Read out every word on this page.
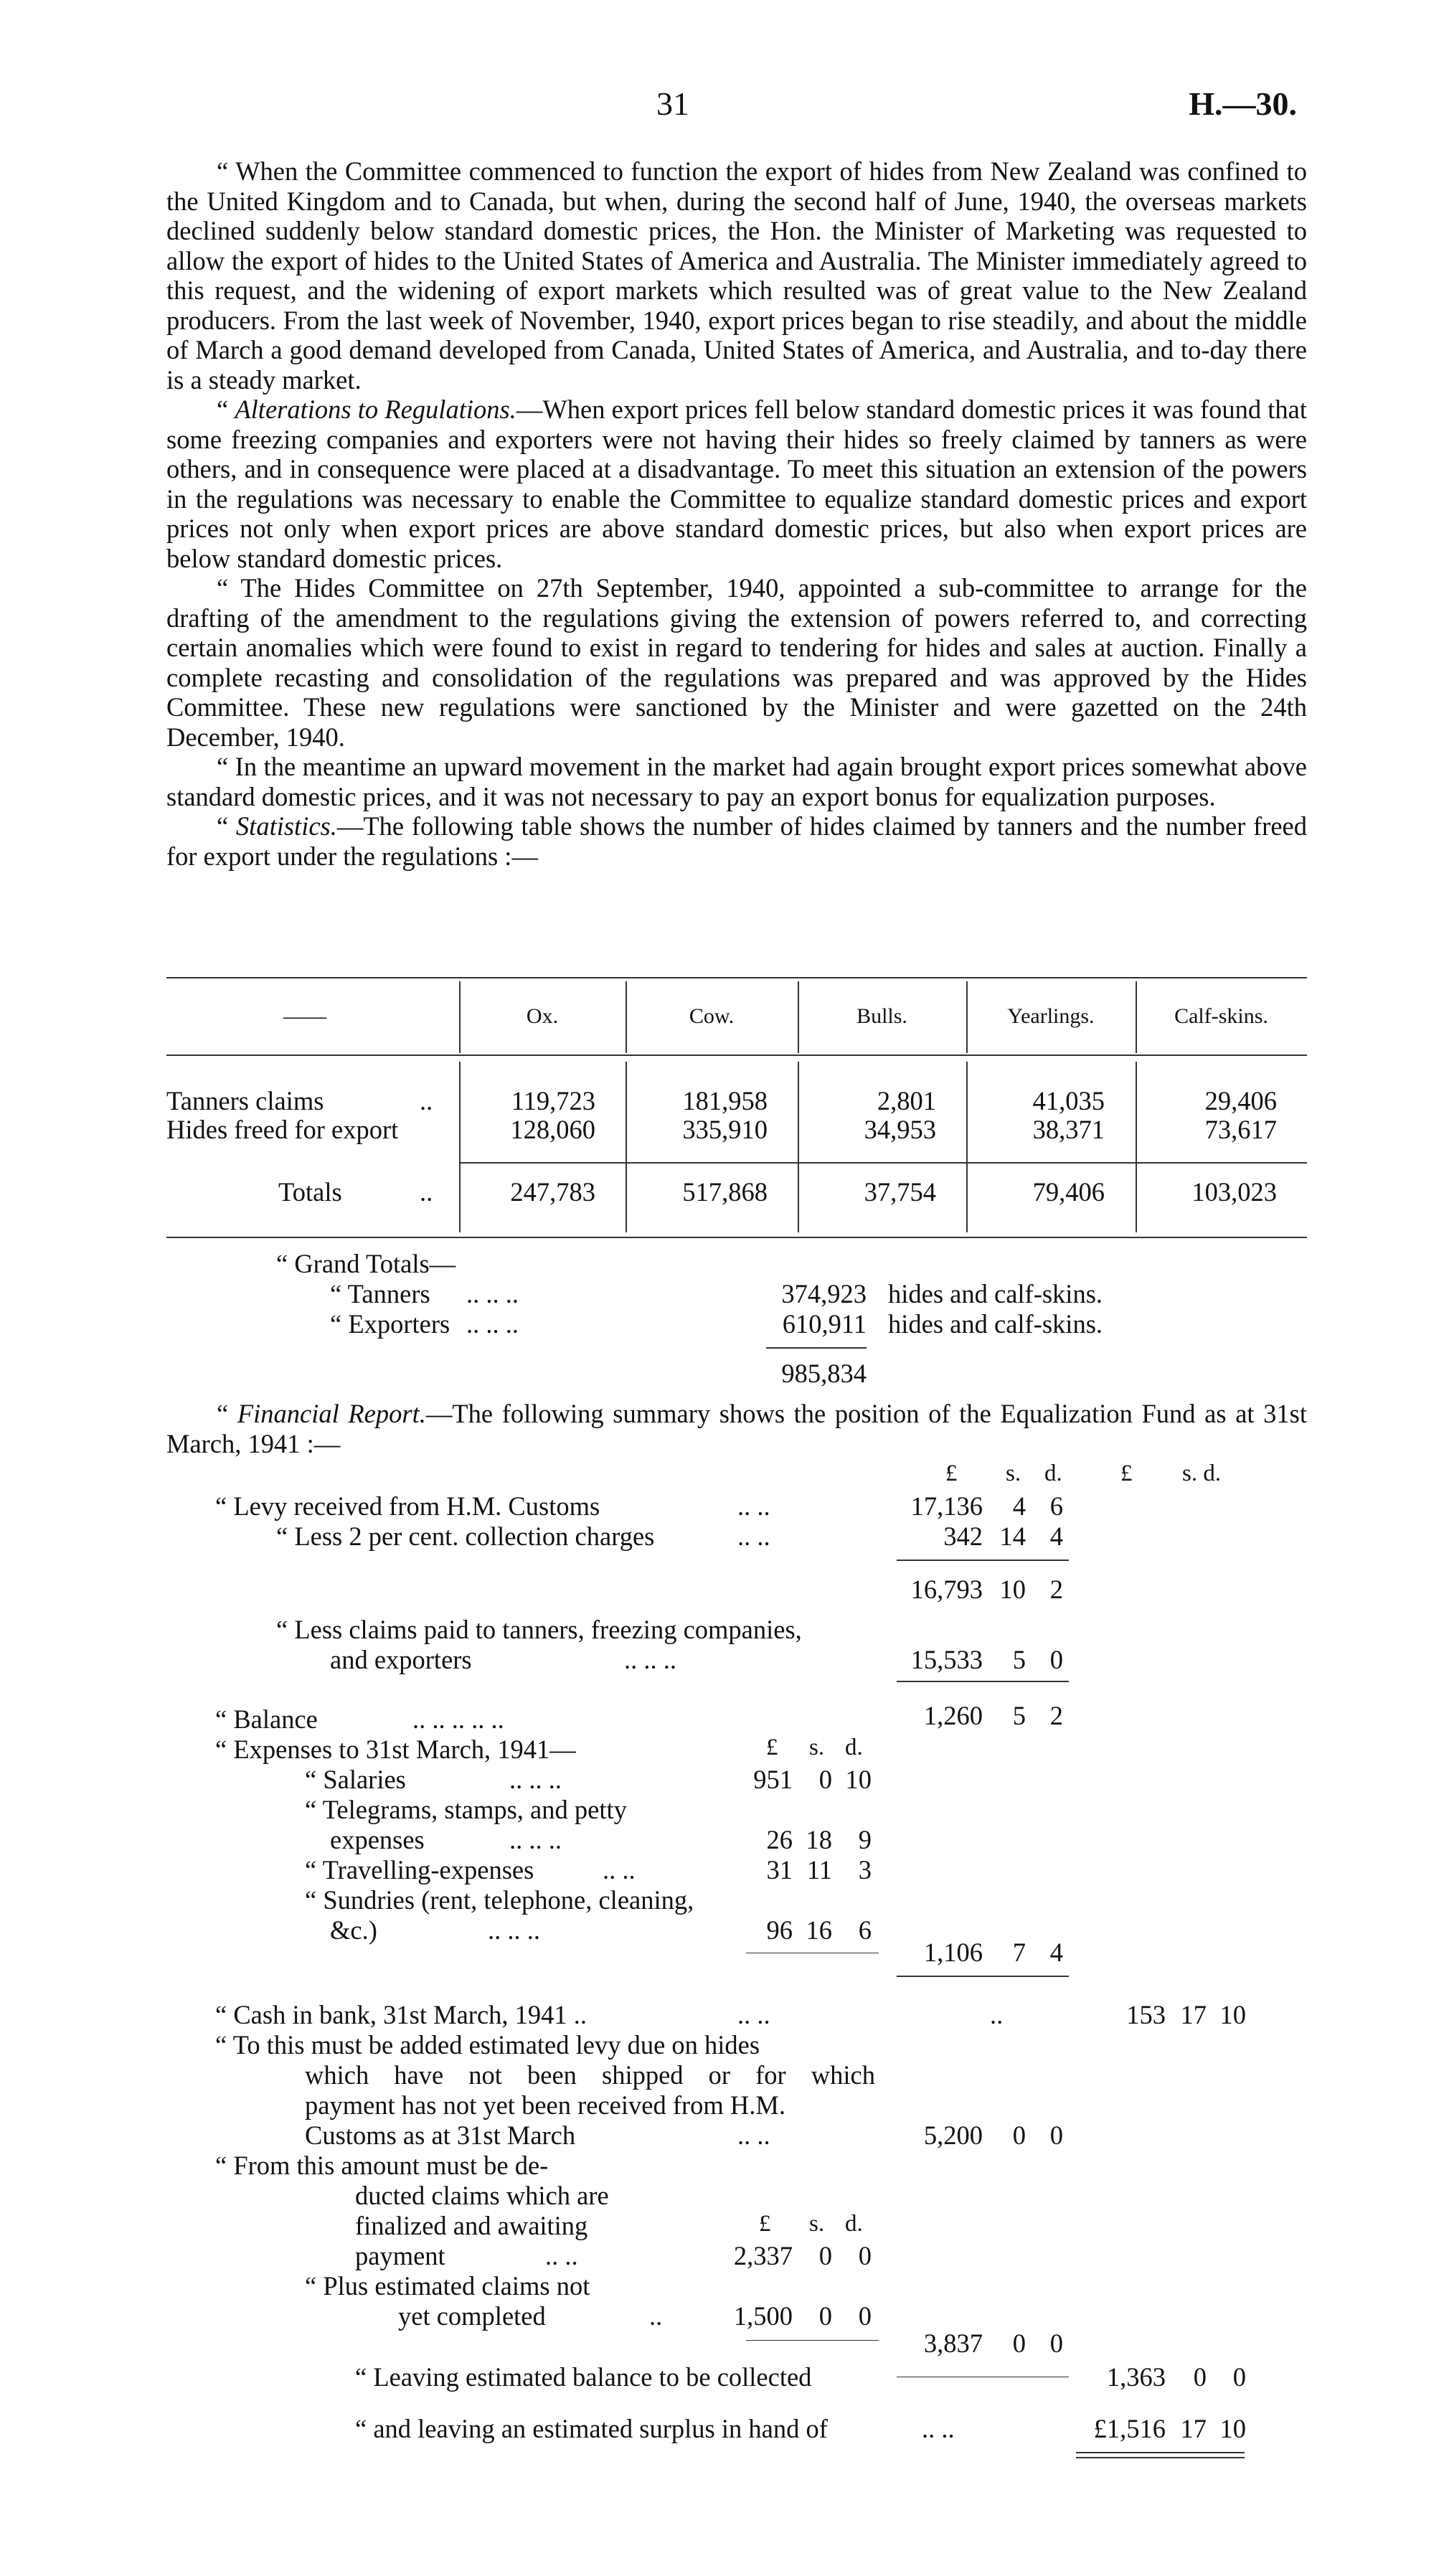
31	H.—30.

“ When the Committee commenced to function the export of hides from New Zealand was confined to the United Kingdom and to Canada, but when, during the second half of June, 1940, the overseas markets declined suddenly below standard domestic prices, the Hon. the Minister of Marketing was requested to allow the export of hides to the United States of America and Australia. The Minister immediately agreed to this request, and the widening of export markets which resulted was of great value to the New Zealand producers. From the last week of November, 1940, export prices began to rise steadily, and about the middle of March a good demand developed from Canada, United States of America, and Australia, and to-day there is a steady market.

“ Alterations to Regulations.—When export prices fell below standard domestic prices it was found that some freezing companies and exporters were not having their hides so freely claimed by tanners as were others, and in consequence were placed at a disadvantage. To meet this situation an extension of the powers in the regulations was necessary to enable the Committee to equalize standard domestic prices and export prices not only when export prices are above standard domestic prices, but also when export prices are below standard domestic prices.

“ The Hides Committee on 27th September, 1940, appointed a sub-committee to arrange for the drafting of the amendment to the regulations giving the extension of powers referred to, and correcting certain anomalies which were found to exist in regard to tendering for hides and sales at auction. Finally a complete recasting and consolidation of the regulations was prepared and was approved by the Hides Committee. These new regulations were sanctioned by the Minister and were gazetted on the 24th December, 1940.

“ In the meantime an upward movement in the market had again brought export prices somewhat above standard domestic prices, and it was not necessary to pay an export bonus for equalization purposes.

“ Statistics.—The following table shows the number of hides claimed by tanners and the number freed for export under the regulations :—

——	Ox.	Cow.	Bulls.	Yearlings.	Calf-skins.
Tanners claims	..	119,723	181,958	2,801	41,035	29,406
Hides freed for export	128,060	335,910	34,953	38,371	73,617
Totals	..	247,783	517,868	37,754	79,406	103,023
“ Grand Totals—
“ Tanners .. .. ..	374,923 hides and calf-skins.
“ Exporters .. .. ..	610,911 hides and calf-skins.
985,834

“ Financial Report.—The following summary shows the position of the Equalization Fund as at 31st March, 1941 :—

£ s. d. £ s. d.
“ Levy received from H.M. Customs	.. ..	17,136 4 6
“ Less 2 per cent. collection charges	.. ..	342 14 4
16,793 10 2
“ Less claims paid to tanners, freezing companies,
and exporters	.. .. ..	15,533 5 0
“ Balance	.. .. .. .. ..	1,260 5 2
“ Expenses to 31st March, 1941—	£ s. d.
“ Salaries	.. .. ..	951 0 10
“ Telegrams, stamps, and petty
expenses	.. .. ..	26 18 9
“ Travelling-expenses	.. ..	31 11 3
“ Sundries (rent, telephone, cleaning,
&c.)	.. .. ..	96 16 6
1,106 7 4
“ Cash in bank, 31st March, 1941 ..	.. ..	..	153 17 10
“ To this must be added estimated levy due on hides
which have not been shipped or for which
payment has not yet been received from H.M.
Customs as at 31st March	.. ..	5,200 0 0
“ From this amount must be de-
ducted claims which are
finalized and awaiting	£ s. d.
payment	.. ..	2,337 0 0
“ Plus estimated claims not
yet completed	..	1,500 0 0
3,837 0 0
“ Leaving estimated balance to be collected	1,363 0 0
“ and leaving an estimated surplus in hand of	.. ..	£1,516 17 10
